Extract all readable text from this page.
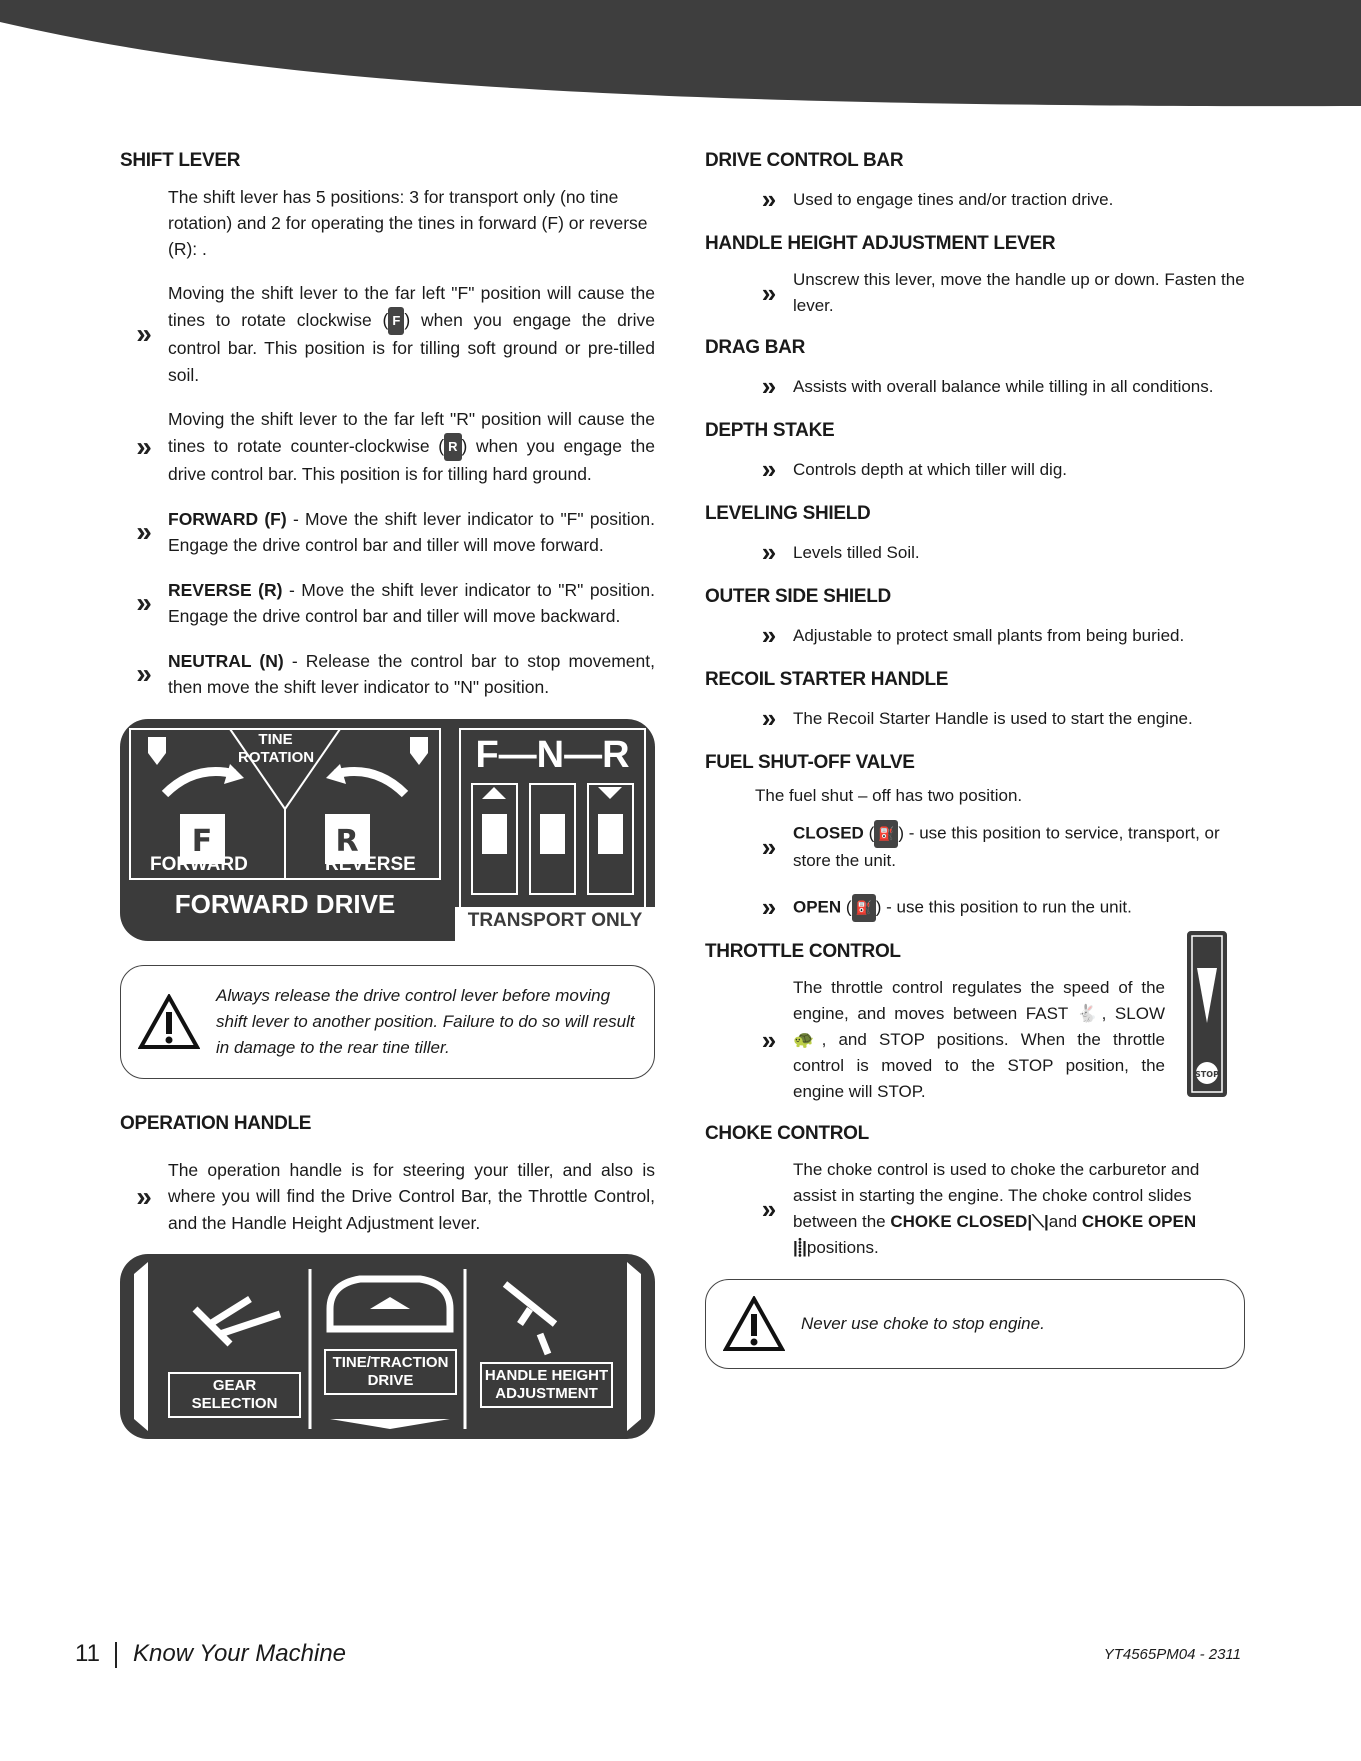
SHIFT LEVER

The shift lever has 5 positions: 3 for transport only (no tine rotation) and 2 for operating the tines in forward (F) or reverse (R): .

»
Moving the shift lever to the far left "F" position will cause the tines to rotate clockwise ( F ) when you engage the drive control bar. This position is for tilling soft ground or pre-tilled soil.
»
Moving the shift lever to the far left "R" position will cause the tines to rotate counter-clockwise ( R ) when you engage the drive control bar. This position is for tilling hard ground.
» FORWARD (F) - Move the shift lever indicator to "F" position. Engage the drive control bar and tiller will move forward.
» REVERSE (R) - Move the shift lever indicator to "R" position. Engage the drive control bar and tiller will move backward.
» NEUTRAL (N) - Release the control bar to stop movement, then move the shift lever indicator to "N" position.
F	R
TINE ROTATION
FORWARD	REVERSE
FORWARD DRIVE
F—N—R
TRANSPORT ONLY
Always release the drive control lever before moving shift lever to another position. Failure to do so will result in damage to the rear tine tiller.
OPERATION HANDLE
»
The operation handle is for steering your tiller, and also is where you will find the Drive Control Bar, the Throttle Control, and the Handle Height Adjustment lever.
GEAR SELECTION
TINE/TRACTION DRIVE	HANDLE HEIGHT ADJUSTMENT
DRIVE CONTROL BAR
» Used to engage tines and/or traction drive.
HANDLE HEIGHT ADJUSTMENT LEVER
» Unscrew this lever, move the handle up or down. Fasten the lever.
DRAG BAR
» Assists with overall balance while tilling in all conditions.
DEPTH STAKE
» Controls depth at which tiller will dig.
LEVELING SHIELD
» Levels tilled Soil.
OUTER SIDE SHIELD
» Adjustable to protect small plants from being buried.
RECOIL STARTER HANDLE
» The Recoil Starter Handle is used to start the engine.
FUEL SHUT-OFF VALVE
The fuel shut – off has two position.
» CLOSED ( ⛽ ) - use this position to service, transport, or store the unit.
» OPEN ( ⛽ ) - use this position to run the unit.
THROTTLE CONTROL
»
The throttle control regulates the speed of the engine, and moves between FAST 🐇, SLOW 🐢, and STOP positions. When the throttle control is moved to the STOP position, the engine will STOP.
STOP
CHOKE CONTROL
»
The choke control is used to choke the carburetor and assist in starting the engine. The choke control slides between the CHOKE CLOSED|⟍|and CHOKE OPEN |⸽|positions.
Never use choke to stop engine.
11 Know Your Machine	YT4565PM04 - 2311
